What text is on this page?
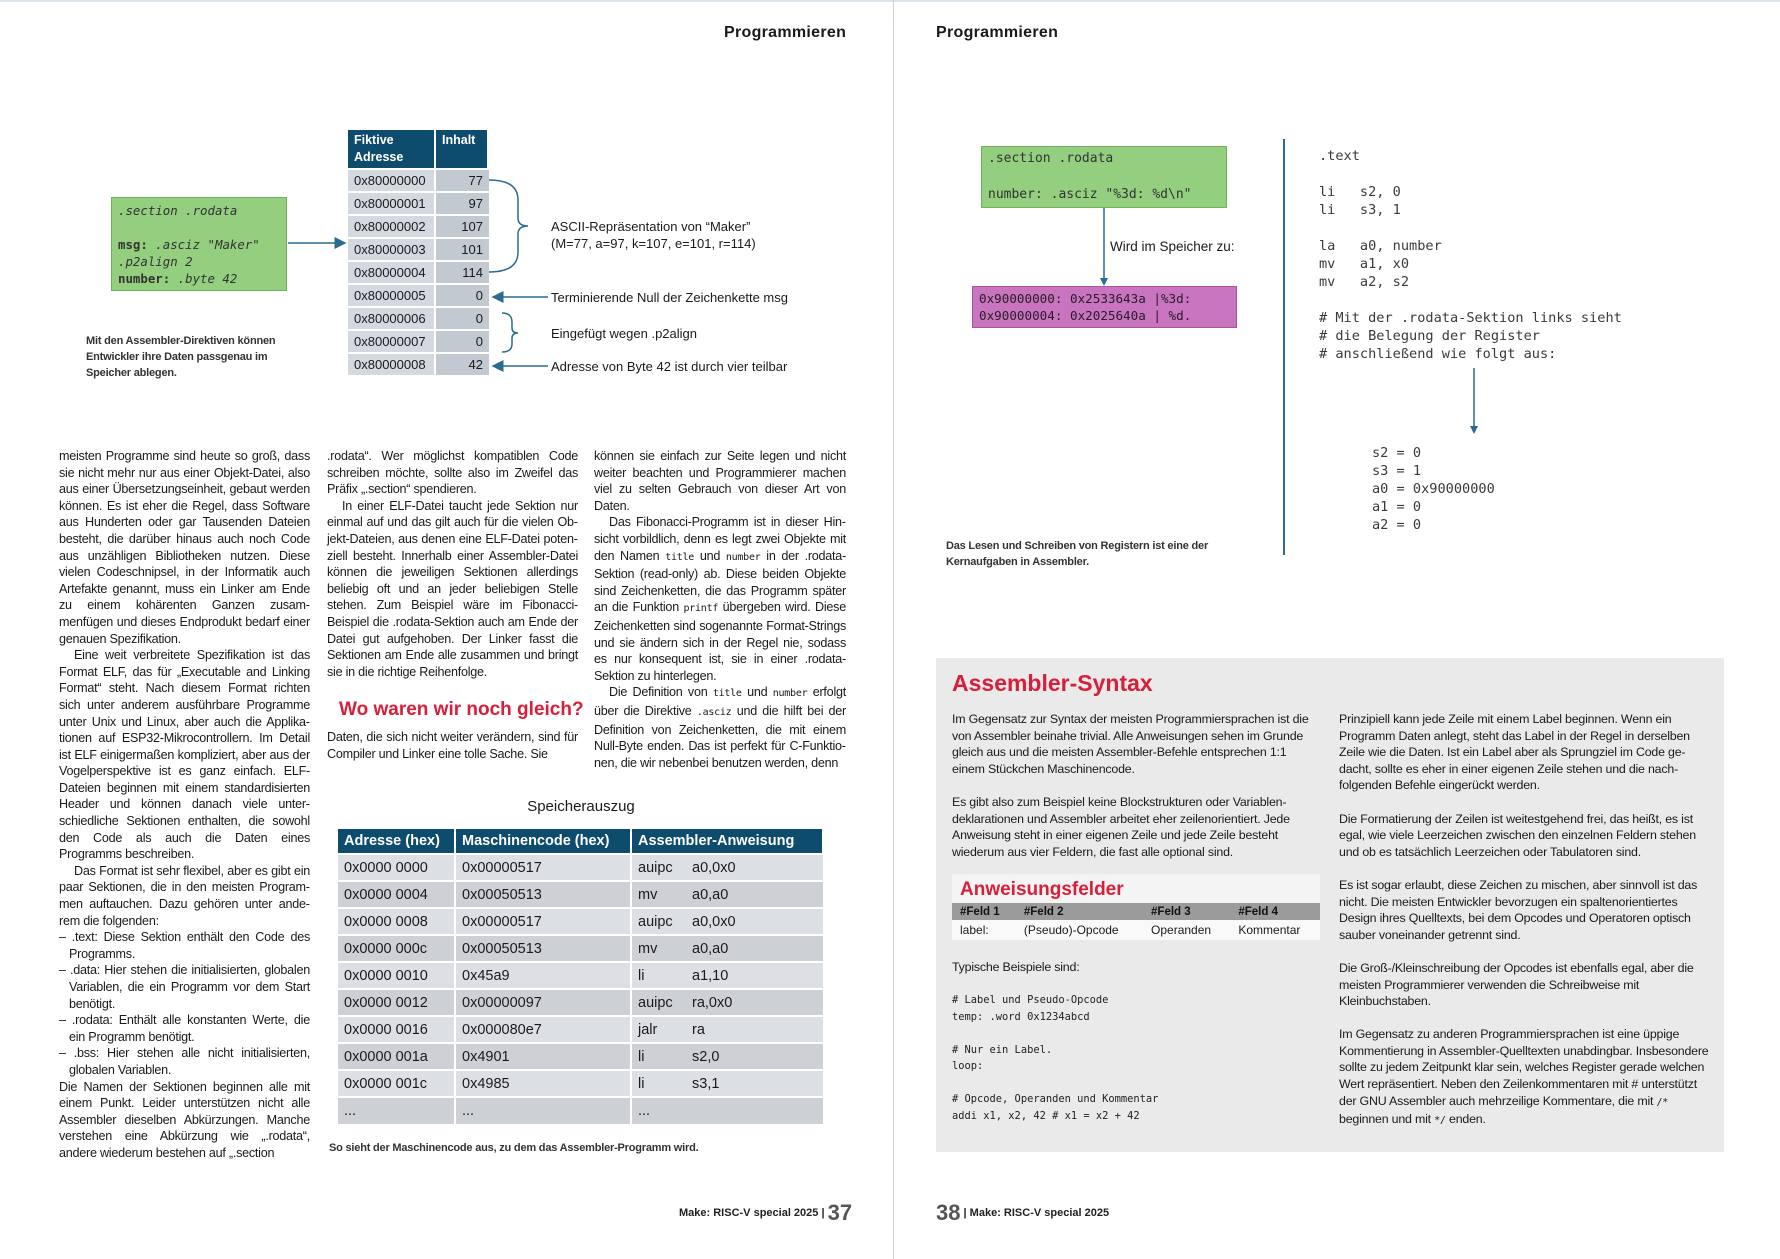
Programmieren
.section .rodata
msg: .asciz "Maker"
.p2align 2
number: .byte 42
Fiktive Adresse	Inhalt
0x80000000	77
0x80000001	97
0x80000002	107
0x80000003	101
0x80000004	114
0x80000005	0
0x80000006	0
0x80000007	0
0x80000008	42
ASCII-Repräsentation von “Maker”
(M=77, a=97, k=107, e=101, r=114)
Terminierende Null der Zeichenkette msg
Eingefügt wegen .p2align
Adresse von Byte 42 ist durch vier teilbar
Mit den Assembler-Direktiven können Entwickler ihre Daten passgenau im Speicher ablegen.

meisten Programme sind heute so groß, dass sie nicht mehr nur aus einer Objekt-Datei, also aus einer Übersetzungseinheit, gebaut werden können. Es ist eher die Regel, dass Software aus Hunderten oder gar Tausenden Dateien besteht, die darüber hinaus auch noch Code aus unzähligen Bibliotheken nutzen. Diese vielen Codeschnipsel, in der Informatik auch Artefakte genannt, muss ein Linker am Ende zu einem kohärenten Ganzen zusammenfügen und dieses Endprodukt bedarf einer genauen Spezifikation.

Eine weit verbreitete Spezifikation ist das Format ELF, das für „Executable and Linking Format“ steht. Nach diesem Format richten sich unter anderem ausführbare Programme unter Unix und Linux, aber auch die Applikationen auf ESP32-Mikrocontrollern. Im Detail ist ELF einigermaßen kompliziert, aber aus der Vogelperspektive ist es ganz einfach. ELF-Dateien beginnen mit einem standardisierten Header und können danach viele unterschiedliche Sektionen enthalten, die sowohl den Code als auch die Daten eines Programms beschreiben.

Das Format ist sehr flexibel, aber es gibt ein paar Sektionen, die in den meisten Programmen auftauchen. Dazu gehören unter anderem die folgenden:

– .text: Diese Sektion enthält den Code des Programms.

– .data: Hier stehen die initialisierten, globalen Variablen, die ein Programm vor dem Start benötigt.

– .rodata: Enthält alle konstanten Werte, die ein Programm benötigt.

– .bss: Hier stehen alle nicht initialisierten, globalen Variablen.

Die Namen der Sektionen beginnen alle mit einem Punkt. Leider unterstützen nicht alle Assembler dieselben Abkürzungen. Manche verstehen eine Abkürzung wie „.rodata“, andere wiederum bestehen auf „.section

.rodata“. Wer möglichst kompatiblen Code schreiben möchte, sollte also im Zweifel das Präfix „.section“ spendieren.

In einer ELF-Datei taucht jede Sektion nur einmal auf und das gilt auch für die vielen Objekt-Dateien, aus denen eine ELF-Datei potenziell besteht. Innerhalb einer Assembler-Datei können die jeweiligen Sektionen allerdings beliebig oft und an jeder beliebigen Stelle stehen. Zum Beispiel wäre im Fibonacci-Beispiel die .rodata-Sektion auch am Ende der Datei gut aufgehoben. Der Linker fasst die Sektionen am Ende alle zusammen und bringt sie in die richtige Reihenfolge.

Wo waren wir noch gleich?

Daten, die sich nicht weiter verändern, sind für Compiler und Linker eine tolle Sache. Sie

können sie einfach zur Seite legen und nicht weiter beachten und Programmierer machen viel zu selten Gebrauch von dieser Art von Daten.

Das Fibonacci-Programm ist in dieser Hinsicht vorbildlich, denn es legt zwei Objekte mit den Namen title und number in der .rodata-Sektion (read-only) ab. Diese beiden Objekte sind Zeichenketten, die das Programm später an die Funktion printf übergeben wird. Diese Zeichenketten sind sogenannte Format-Strings und sie ändern sich in der Regel nie, sodass es nur konsequent ist, sie in einer .rodata-Sektion zu hinterlegen.

Die Definition von title und number erfolgt über die Direktive .asciz und die hilft bei der Definition von Zeichenketten, die mit einem Null-Byte enden. Das ist perfekt für C-Funktionen, die wir nebenbei benutzen werden, denn

Speicherauszug
Adresse (hex)	Maschinencode (hex)	Assembler-Anweisung	
0x0000 0000	0x00000517	auipc	a0,0x0
0x0000 0004	0x00050513	mv	a0,a0
0x0000 0008	0x00000517	auipc	a0,0x0
0x0000 000c	0x00050513	mv	a0,a0
0x0000 0010	0x45a9	li	a1,10
0x0000 0012	0x00000097	auipc	ra,0x0
0x0000 0016	0x000080e7	jalr	ra
0x0000 001a	0x4901	li	s2,0
0x0000 001c	0x4985	li	s3,1
...	...	...	
So sieht der Maschinencode aus, zu dem das Assembler-Programm wird.
Make: RISC-V special 2025 | 37
Programmieren
.section .rodata
number: .asciz "%3d: %d\n"
Wird im Speicher zu:
0x90000000: 0x2533643a |%3d:
0x90000004: 0x2025640a | %d.
Das Lesen und Schreiben von Registern ist eine der Kernaufgaben in Assembler.
.text

li   s2, 0
li   s3, 1

la   a0, number
mv   a1, x0
mv   a2, s2

# Mit der .rodata-Sektion links sieht
# die Belegung der Register
# anschließend wie folgt aus:
s2 = 0
s3 = 1
a0 = 0x90000000
a1 = 0
a2 = 0
Assembler-Syntax

Im Gegensatz zur Syntax der meisten Programmiersprachen ist die von Assembler beinahe trivial. Alle Anweisungen sehen im Grunde gleich aus und die meisten Assembler-Befehle entsprechen 1:1 einem Stückchen Maschinencode.

Es gibt also zum Beispiel keine Blockstrukturen oder Variablendeklarationen und Assembler arbeitet eher zeilenorientiert. Jede Anweisung steht in einer eigenen Zeile und jede Zeile besteht wiederum aus vier Feldern, die fast alle optional sind.

Anweisungsfelder
#Feld 1	#Feld 2	#Feld 3	#Feld 4
label:	(Pseudo)-Opcode	Operanden	Kommentar
Typische Beispiele sind:
# Label und Pseudo-Opcode
temp: .word 0x1234abcd

# Nur ein Label.
loop:

# Opcode, Operanden und Kommentar
addi x1, x2, 42 # x1 = x2 + 42

Prinzipiell kann jede Zeile mit einem Label beginnen. Wenn ein Programm Daten anlegt, steht das Label in der Regel in derselben Zeile wie die Daten. Ist ein Label aber als Sprungziel im Code gedacht, sollte es eher in einer eigenen Zeile stehen und die nachfolgenden Befehle eingerückt werden.

Die Formatierung der Zeilen ist weitestgehend frei, das heißt, es ist egal, wie viele Leerzeichen zwischen den einzelnen Feldern stehen und ob es tatsächlich Leerzeichen oder Tabulatoren sind.

Es ist sogar erlaubt, diese Zeichen zu mischen, aber sinnvoll ist das nicht. Die meisten Entwickler bevorzugen ein spaltenorientiertes Design ihres Quelltexts, bei dem Opcodes und Operatoren optisch sauber voneinander getrennt sind.

Die Groß-/Kleinschreibung der Opcodes ist ebenfalls egal, aber die meisten Programmierer verwenden die Schreibweise mit Kleinbuchstaben.

Im Gegensatz zu anderen Programmiersprachen ist eine üppige Kommentierung in Assembler-Quelltexten unabdingbar. Insbesondere sollte zu jedem Zeitpunkt klar sein, welches Register gerade welchen Wert repräsentiert. Neben den Zeilenkommentaren mit # unterstützt der GNU Assembler auch mehrzeilige Kommentare, die mit /* beginnen und mit */ enden.

38 | Make: RISC-V special 2025
